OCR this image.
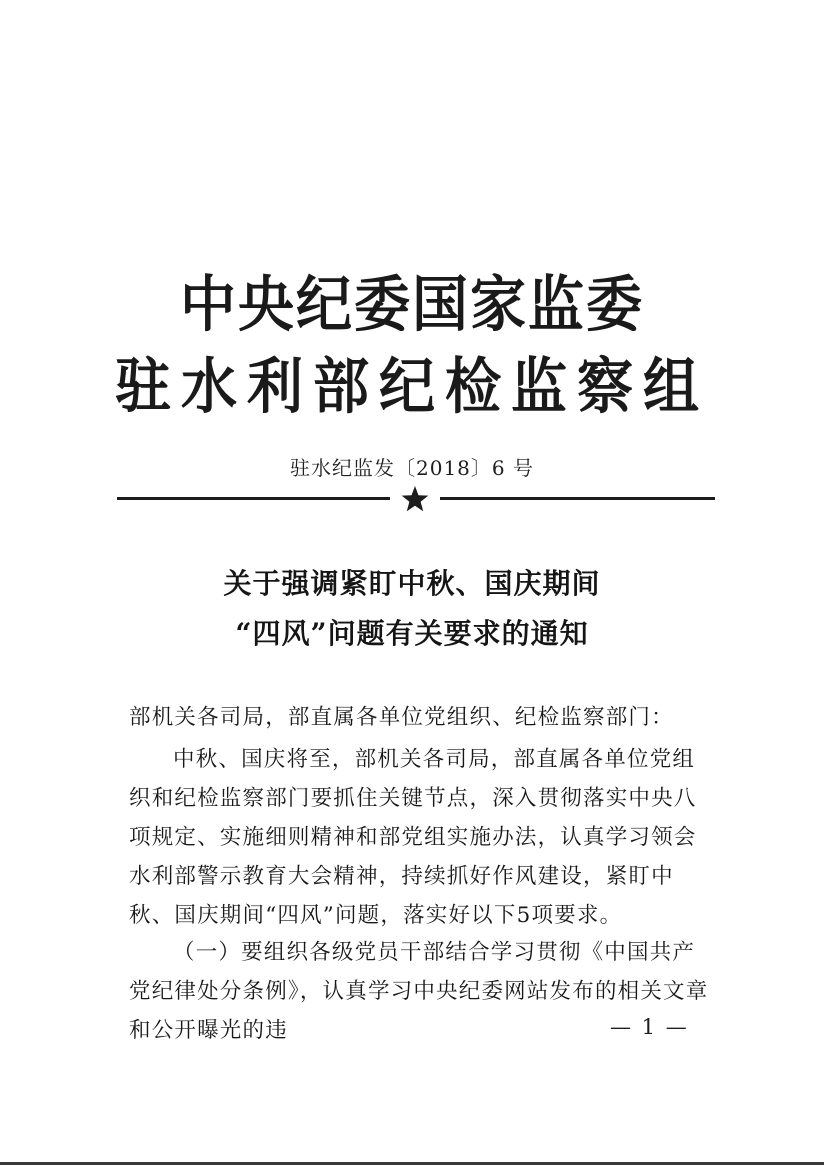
中央纪委国家监委
驻水利部纪检监察组
驻水纪监发〔2018〕6 号
关于强调紧盯中秋、国庆期间
“四风”问题有关要求的通知
部机关各司局，部直属各单位党组织、纪检监察部门：
中秋、国庆将至，部机关各司局，部直属各单位党组织和纪检监察部门要抓住关键节点，深入贯彻落实中央八项规定、实施细则精神和部党组实施办法，认真学习领会水利部警示教育大会精神，持续抓好作风建设，紧盯中秋、国庆期间“四风”问题，落实好以下5项要求。
（一）要组织各级党员干部结合学习贯彻《中国共产党纪律处分条例》，认真学习中央纪委网站发布的相关文章和公开曝光的违	— 1 —
